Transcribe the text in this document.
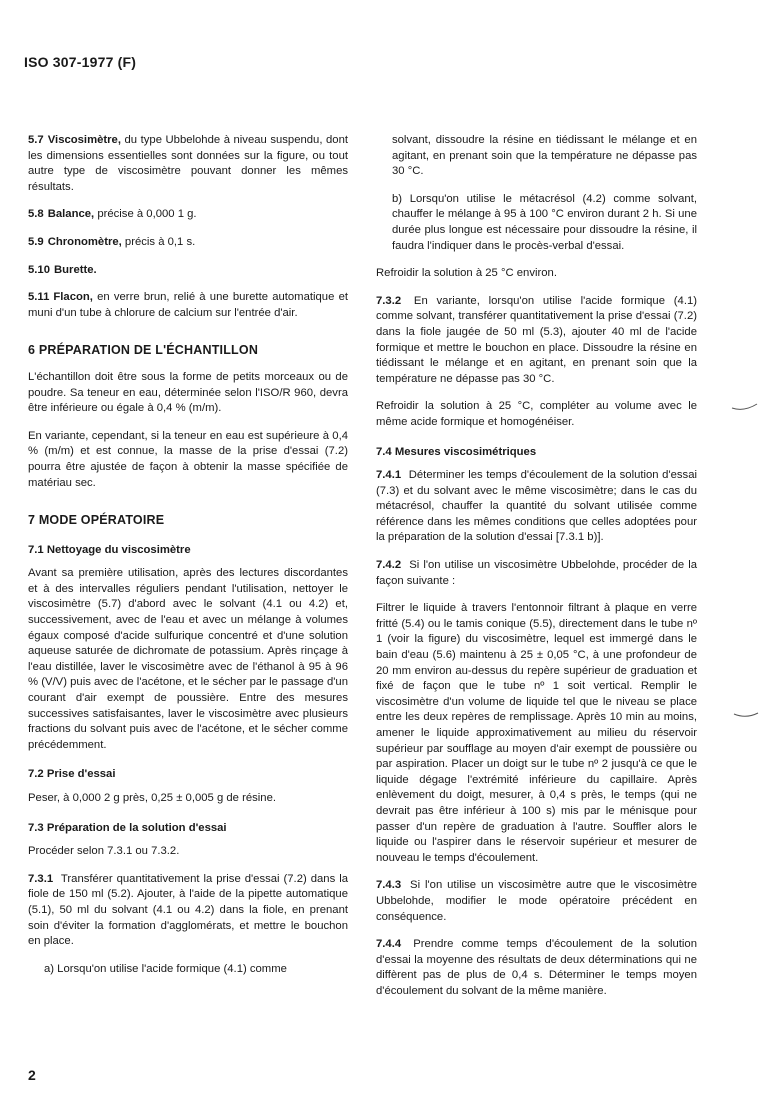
ISO 307-1977 (F)

5.7 Viscosimètre, du type Ubbelohde à niveau suspendu, dont les dimensions essentielles sont données sur la figure, ou tout autre type de viscosimètre pouvant donner les mêmes résultats.

5.8 Balance, précise à 0,000 1 g.

5.9 Chronomètre, précis à 0,1 s.

5.10 Burette.

5.11 Flacon, en verre brun, relié à une burette automatique et muni d'un tube à chlorure de calcium sur l'entrée d'air.

6 PRÉPARATION DE L'ÉCHANTILLON

L'échantillon doit être sous la forme de petits morceaux ou de poudre. Sa teneur en eau, déterminée selon l'ISO/R 960, devra être inférieure ou égale à 0,4 % (m/m).

En variante, cependant, si la teneur en eau est supérieure à 0,4 % (m/m) et est connue, la masse de la prise d'essai (7.2) pourra être ajustée de façon à obtenir la masse spécifiée de matériau sec.

7 MODE OPÉRATOIRE
7.1 Nettoyage du viscosimètre

Avant sa première utilisation, après des lectures discordantes et à des intervalles réguliers pendant l'utilisation, nettoyer le viscosimètre (5.7) d'abord avec le solvant (4.1 ou 4.2) et, successivement, avec de l'eau et avec un mélange à volumes égaux composé d'acide sulfurique concentré et d'une solution aqueuse saturée de dichromate de potassium. Après rinçage à l'eau distillée, laver le viscosimètre avec de l'éthanol à 95 à 96 % (V/V) puis avec de l'acétone, et le sécher par le passage d'un courant d'air exempt de poussière. Entre des mesures successives satisfaisantes, laver le viscosimètre avec plusieurs fractions du solvant puis avec de l'acétone, et le sécher comme précédemment.

7.2 Prise d'essai

Peser, à 0,000 2 g près, 0,25 ± 0,005 g de résine.

7.3 Préparation de la solution d'essai

Procéder selon 7.3.1 ou 7.3.2.

7.3.1 Transférer quantitativement la prise d'essai (7.2) dans la fiole de 150 ml (5.2). Ajouter, à l'aide de la pipette automatique (5.1), 50 ml du solvant (4.1 ou 4.2) dans la fiole, en prenant soin d'éviter la formation d'agglomérats, et mettre le bouchon en place.

a) Lorsqu'on utilise l'acide formique (4.1) comme

solvant, dissoudre la résine en tiédissant le mélange et en agitant, en prenant soin que la température ne dépasse pas 30 °C.

b) Lorsqu'on utilise le métacrésol (4.2) comme solvant, chauffer le mélange à 95 à 100 °C environ durant 2 h. Si une durée plus longue est nécessaire pour dissoudre la résine, il faudra l'indiquer dans le procès-verbal d'essai.

Refroidir la solution à 25 °C environ.

7.3.2 En variante, lorsqu'on utilise l'acide formique (4.1) comme solvant, transférer quantitativement la prise d'essai (7.2) dans la fiole jaugée de 50 ml (5.3), ajouter 40 ml de l'acide formique et mettre le bouchon en place. Dissoudre la résine en tiédissant le mélange et en agitant, en prenant soin que la température ne dépasse pas 30 °C.

Refroidir la solution à 25 °C, compléter au volume avec le même acide formique et homogénéiser.

7.4 Mesures viscosimétriques

7.4.1 Déterminer les temps d'écoulement de la solution d'essai (7.3) et du solvant avec le même viscosimètre; dans le cas du métacrésol, chauffer la quantité du solvant utilisée comme référence dans les mêmes conditions que celles adoptées pour la préparation de la solution d'essai [7.3.1 b)].

7.4.2 Si l'on utilise un viscosimètre Ubbelohde, procéder de la façon suivante :

Filtrer le liquide à travers l'entonnoir filtrant à plaque en verre fritté (5.4) ou le tamis conique (5.5), directement dans le tube nº 1 (voir la figure) du viscosimètre, lequel est immergé dans le bain d'eau (5.6) maintenu à 25 ± 0,05 °C, à une profondeur de 20 mm environ au-dessus du repère supérieur de graduation et fixé de façon que le tube nº 1 soit vertical. Remplir le viscosimètre d'un volume de liquide tel que le niveau se place entre les deux repères de remplissage. Après 10 min au moins, amener le liquide approximativement au milieu du réservoir supérieur par soufflage au moyen d'air exempt de poussière ou par aspiration. Placer un doigt sur le tube nº 2 jusqu'à ce que le liquide dégage l'extrémité inférieure du capillaire. Après enlèvement du doigt, mesurer, à 0,4 s près, le temps (qui ne devrait pas être inférieur à 100 s) mis par le ménisque pour passer d'un repère de graduation à l'autre. Souffler alors le liquide ou l'aspirer dans le réservoir supérieur et mesurer de nouveau le temps d'écoulement.

7.4.3 Si l'on utilise un viscosimètre autre que le viscosimètre Ubbelohde, modifier le mode opératoire précédent en conséquence.

7.4.4 Prendre comme temps d'écoulement de la solution d'essai la moyenne des résultats de deux déterminations qui ne diffèrent pas de plus de 0,4 s. Déterminer le temps moyen d'écoulement du solvant de la même manière.

2
